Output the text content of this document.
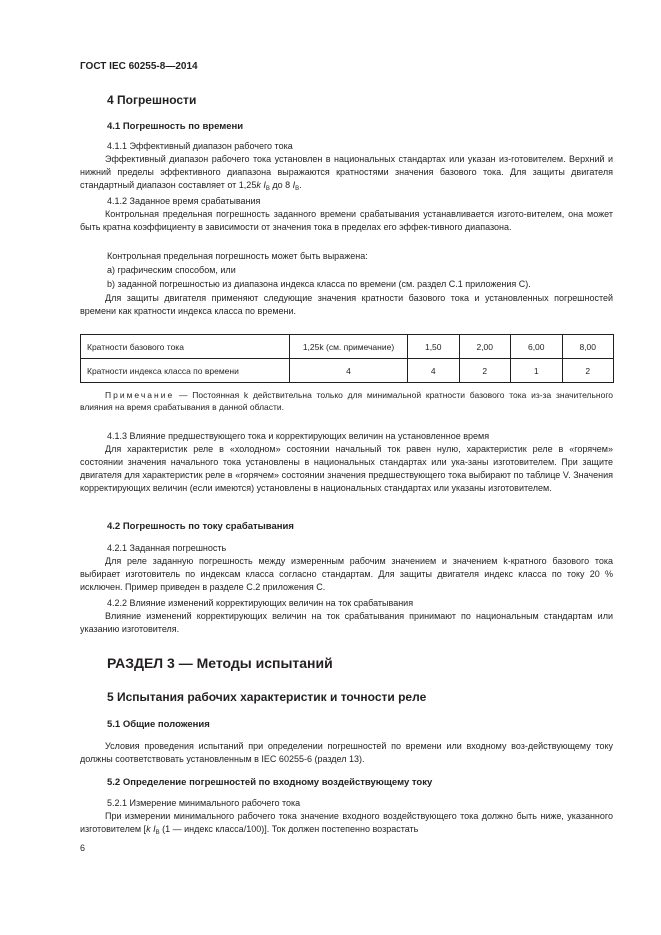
ГОСТ IEC 60255-8—2014
4 Погрешности
4.1 Погрешность по времени

4.1.1 Эффективный диапазон рабочего тока

Эффективный диапазон рабочего тока установлен в национальных стандартах или указан из-готовителем. Верхний и нижний пределы эффективного диапазона выражаются кратностями значения базового тока. Для защиты двигателя стандартный диапазон составляет от 1,25k $I_B$ до 8 $I_B$.

4.1.2 Заданное время срабатывания

Контрольная предельная погрешность заданного времени срабатывания устанавливается изгото-вителем, она может быть кратна коэффициенту в зависимости от значения тока в пределах его эффек-тивного диапазона.

Контрольная предельная погрешность может быть выражена:

a) графическим способом, или

b) заданной погрешностью из диапазона индекса класса по времени (см. раздел C.1 приложения C).

Для защиты двигателя применяют следующие значения кратности базового тока и установленных погрешностей времени как кратности индекса класса по времени.

Кратности базового тока	1,25k (см. примечание)	1,50	2,00	6,00	8,00
Кратности индекса класса по времени	4	4	2	1	2

Примечание — Постоянная k действительна только для минимальной кратности базового тока из-за значительного влияния на время срабатывания в данной области.

4.1.3 Влияние предшествующего тока и корректирующих величин на установленное время

Для характеристик реле в «холодном» состоянии начальный ток равен нулю, характеристик реле в «горячем» состоянии значения начального тока установлены в национальных стандартах или ука-заны изготовителем. При защите двигателя для характеристик реле в «горячем» состоянии значения предшествующего тока выбирают по таблице V. Значения корректирующих величин (если имеются) установлены в национальных стандартах или указаны изготовителем.

4.2 Погрешность по току срабатывания

4.2.1 Заданная погрешность

Для реле заданную погрешность между измеренным рабочим значением и значением k-кратного базового тока выбирает изготовитель по индексам класса согласно стандартам. Для защиты двигателя индекс класса по току 20 % исключен. Пример приведен в разделе C.2 приложения C.

4.2.2 Влияние изменений корректирующих величин на ток срабатывания

Влияние изменений корректирующих величин на ток срабатывания принимают по национальным стандартам или указанию изготовителя.

РАЗДЕЛ 3 — Методы испытаний
5 Испытания рабочих характеристик и точности реле
5.1 Общие положения

Условия проведения испытаний при определении погрешностей по времени или входному воз-действующему току должны соответствовать установленным в IEC 60255-6 (раздел 13).

5.2 Определение погрешностей по входному воздействующему току

5.2.1 Измерение минимального рабочего тока

При измерении минимального рабочего тока значение входного воздействующего тока должно быть ниже, указанного изготовителем [k $I_B$ (1 — индекс класса/100)]. Ток должен постепенно возрастать

6
